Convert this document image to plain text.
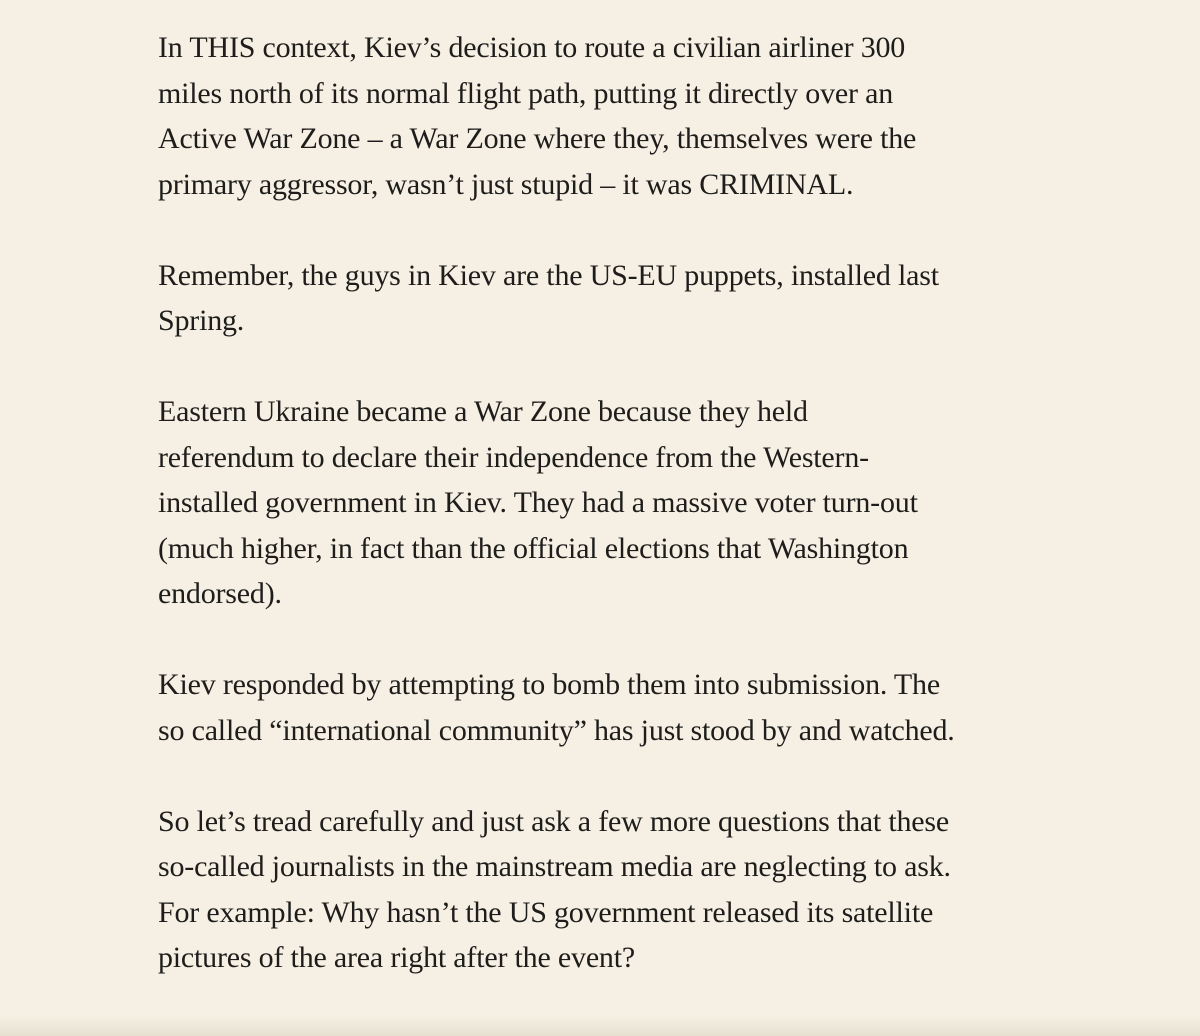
In THIS context, Kiev’s decision to route a civilian airliner 300
miles north of its normal flight path, putting it directly over an
Active War Zone – a War Zone where they, themselves were the
primary aggressor, wasn’t just stupid – it was CRIMINAL.

Remember, the guys in Kiev are the US-EU puppets, installed last
Spring.

Eastern Ukraine became a War Zone because they held
referendum to declare their independence from the Western-
installed government in Kiev. They had a massive voter turn-out
(much higher, in fact than the official elections that Washington
endorsed).

Kiev responded by attempting to bomb them into submission. The
so called “international community” has just stood by and watched.

So let’s tread carefully and just ask a few more questions that these
so-called journalists in the mainstream media are neglecting to ask.
For example: Why hasn’t the US government released its satellite
pictures of the area right after the event?
